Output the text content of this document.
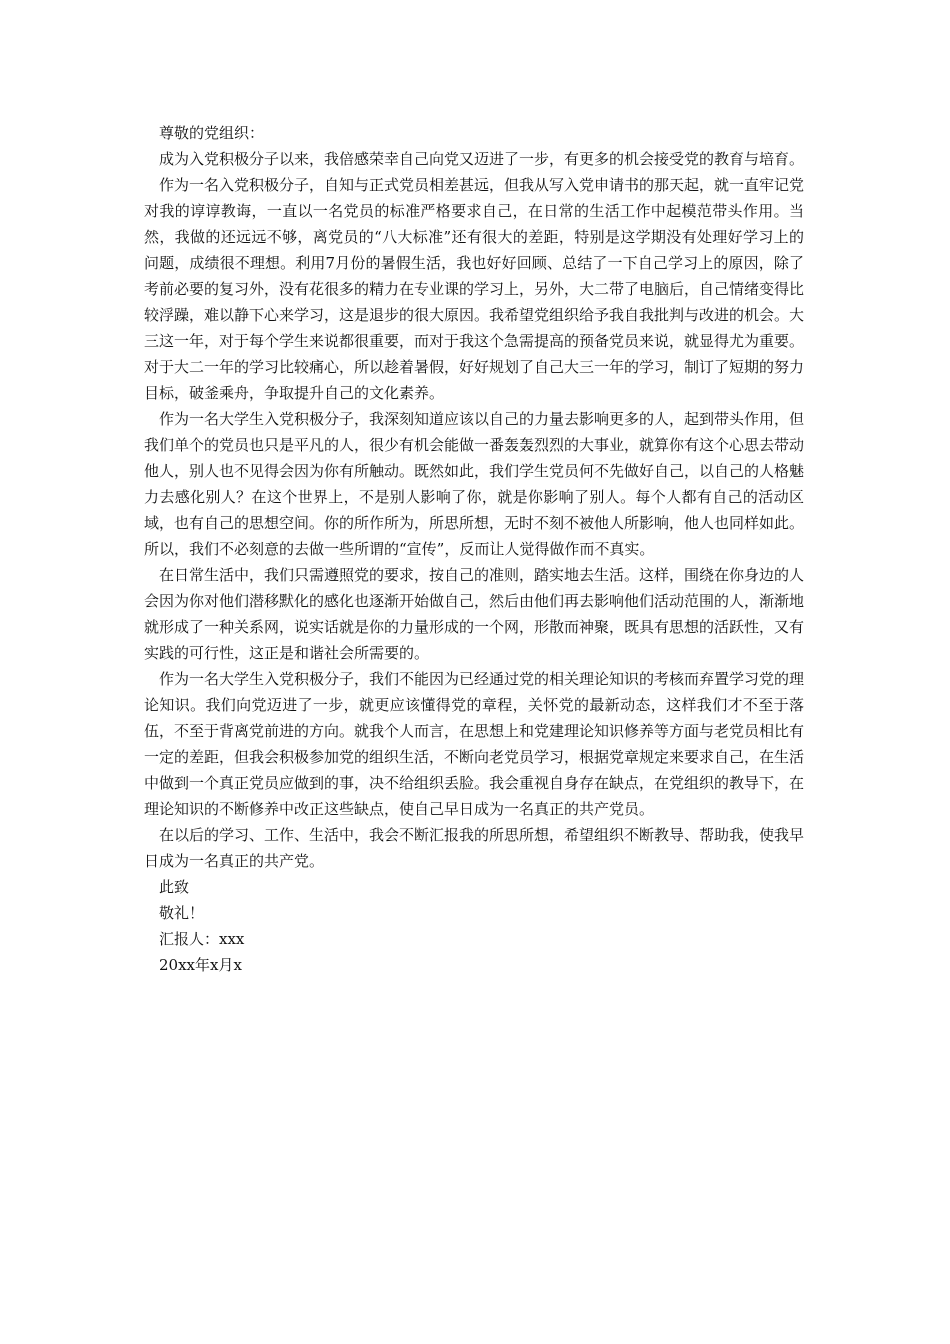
尊敬的党组织：

成为入党积极分子以来，我倍感荣幸自己向党又迈进了一步，有更多的机会接受党的教育与培育。

作为一名入党积极分子，自知与正式党员相差甚远，但我从写入党申请书的那天起，就一直牢记党对我的谆谆教诲，一直以一名党员的标准严格要求自己，在日常的生活工作中起模范带头作用。当然，我做的还远远不够，离党员的“八大标准”还有很大的差距，特别是这学期没有处理好学习上的问题，成绩很不理想。利用7月份的暑假生活，我也好好回顾、总结了一下自己学习上的原因，除了考前必要的复习外，没有花很多的精力在专业课的学习上，另外，大二带了电脑后，自己情绪变得比较浮躁，难以静下心来学习，这是退步的很大原因。我希望党组织给予我自我批判与改进的机会。大三这一年，对于每个学生来说都很重要，而对于我这个急需提高的预备党员来说，就显得尤为重要。对于大二一年的学习比较痛心，所以趁着暑假，好好规划了自己大三一年的学习，制订了短期的努力目标，破釜乘舟，争取提升自己的文化素养。

作为一名大学生入党积极分子，我深刻知道应该以自己的力量去影响更多的人，起到带头作用，但我们单个的党员也只是平凡的人，很少有机会能做一番轰轰烈烈的大事业，就算你有这个心思去带动他人，别人也不见得会因为你有所触动。既然如此，我们学生党员何不先做好自己，以自己的人格魅力去感化别人？在这个世界上，不是别人影响了你，就是你影响了别人。每个人都有自己的活动区域，也有自己的思想空间。你的所作所为，所思所想，无时不刻不被他人所影响，他人也同样如此。所以，我们不必刻意的去做一些所谓的“宣传”，反而让人觉得做作而不真实。

在日常生活中，我们只需遵照党的要求，按自己的准则，踏实地去生活。这样，围绕在你身边的人会因为你对他们潜移默化的感化也逐渐开始做自己，然后由他们再去影响他们活动范围的人，渐渐地就形成了一种关系网，说实话就是你的力量形成的一个网，形散而神聚，既具有思想的活跃性，又有实践的可行性，这正是和谐社会所需要的。

作为一名大学生入党积极分子，我们不能因为已经通过党的相关理论知识的考核而弃置学习党的理论知识。我们向党迈进了一步，就更应该懂得党的章程，关怀党的最新动态，这样我们才不至于落伍，不至于背离党前进的方向。就我个人而言，在思想上和党建理论知识修养等方面与老党员相比有一定的差距，但我会积极参加党的组织生活，不断向老党员学习，根据党章规定来要求自己，在生活中做到一个真正党员应做到的事，决不给组织丢脸。我会重视自身存在缺点，在党组织的教导下，在理论知识的不断修养中改正这些缺点，使自己早日成为一名真正的共产党员。

在以后的学习、工作、生活中，我会不断汇报我的所思所想，希望组织不断教导、帮助我，使我早日成为一名真正的共产党。

此致

敬礼！

汇报人：xxx

20xx年x月x
